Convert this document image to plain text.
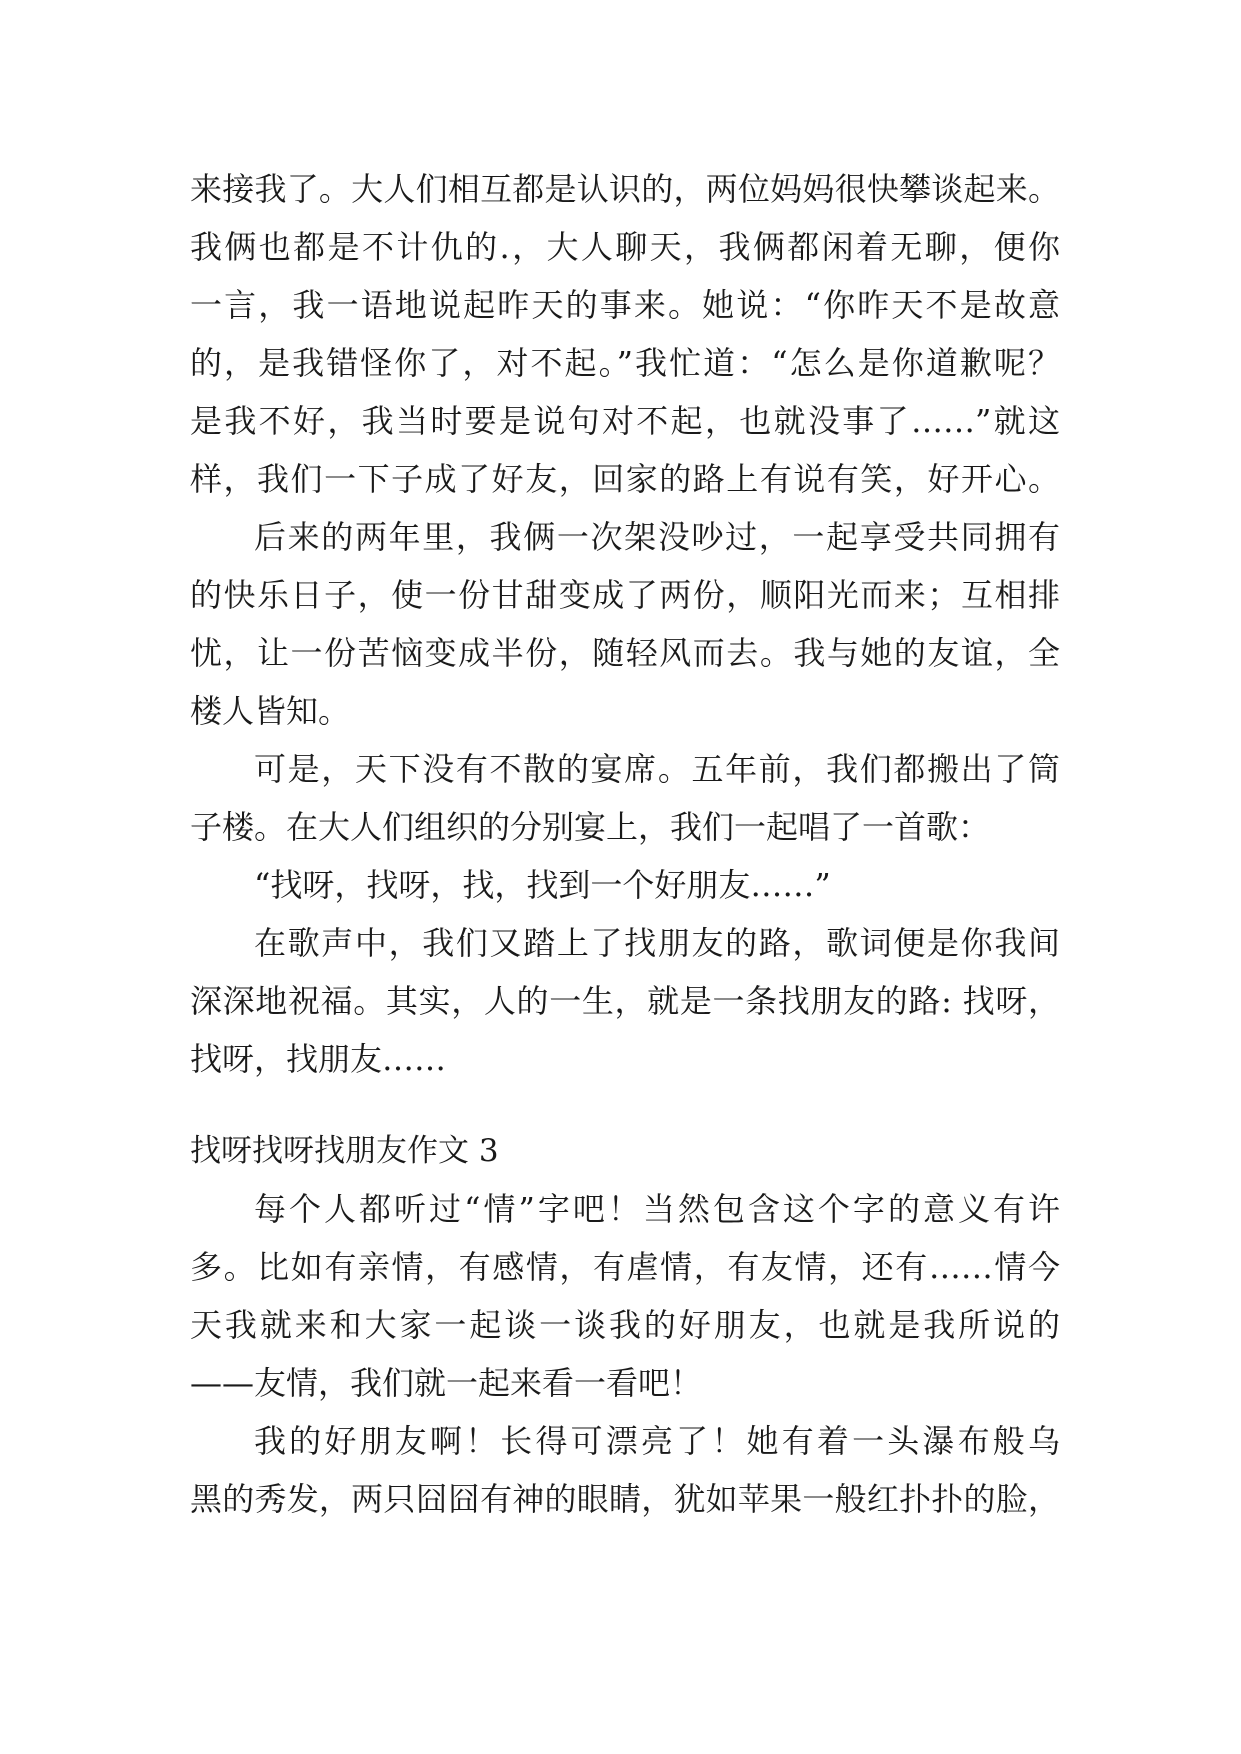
来接我了。大人们相互都是认识的，两位妈妈很快攀谈起来。
我俩也都是不计仇的.，大人聊天，我俩都闲着无聊，便你
一言，我一语地说起昨天的事来。她说：“你昨天不是故意
的，是我错怪你了，对不起。”我忙道：“怎么是你道歉呢？
是我不好，我当时要是说句对不起，也就没事了……”就这
样，我们一下子成了好友，回家的路上有说有笑，好开心。
后来的两年里，我俩一次架没吵过，一起享受共同拥有
的快乐日子，使一份甘甜变成了两份，顺阳光而来；互相排
忧，让一份苦恼变成半份，随轻风而去。我与她的友谊，全
楼人皆知。
可是，天下没有不散的宴席。五年前，我们都搬出了筒
子楼。在大人们组织的分别宴上，我们一起唱了一首歌：
“找呀，找呀，找，找到一个好朋友……”
在歌声中，我们又踏上了找朋友的路，歌词便是你我间
深深地祝福。其实，人的一生，就是一条找朋友的路: 找呀，
找呀，找朋友……
找呀找呀找朋友作文 3
每个人都听过“情”字吧！当然包含这个字的意义有许
多。比如有亲情，有感情，有虐情，有友情，还有……情今
天我就来和大家一起谈一谈我的好朋友，也就是我所说的
——友情，我们就一起来看一看吧！
我的好朋友啊！长得可漂亮了！她有着一头瀑布般乌
黑的秀发，两只囧囧有神的眼睛，犹如苹果一般红扑扑的脸，
